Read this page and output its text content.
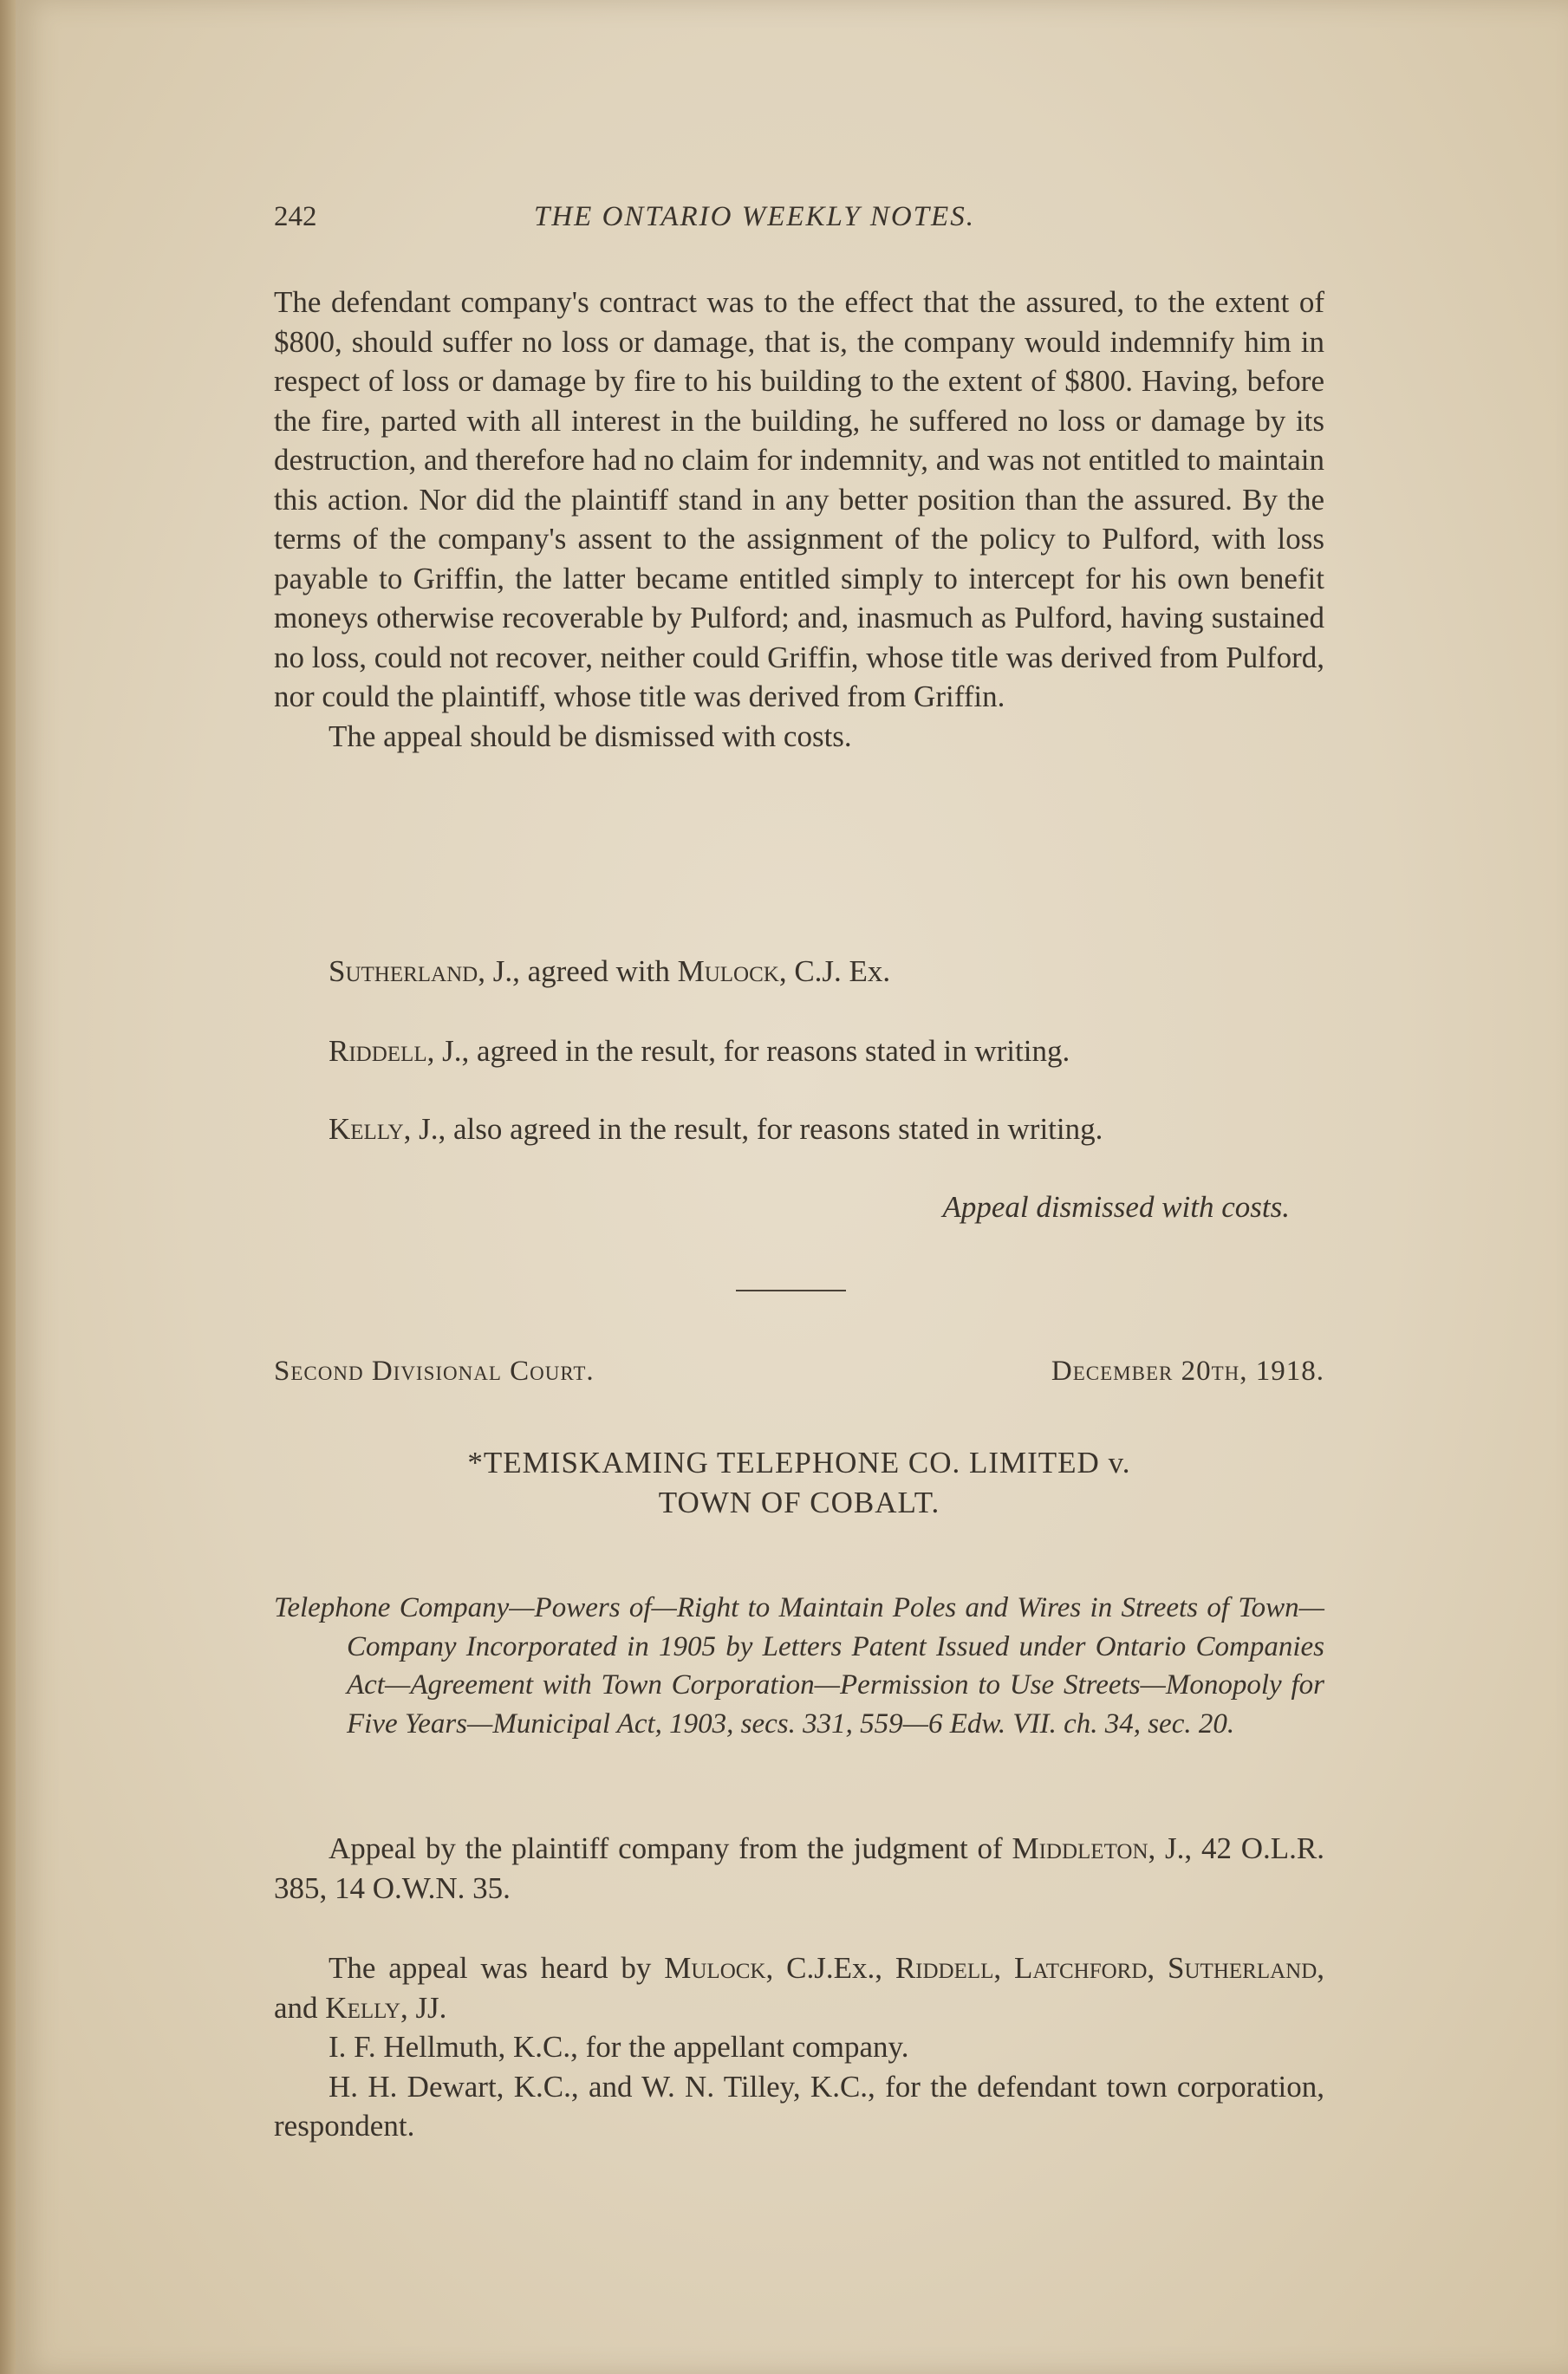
242	THE ONTARIO WEEKLY NOTES.

The defendant company's contract was to the effect that the assured, to the extent of $800, should suffer no loss or damage, that is, the company would indemnify him in respect of loss or damage by fire to his building to the extent of $800. Having, before the fire, parted with all interest in the building, he suffered no loss or damage by its destruction, and therefore had no claim for indemnity, and was not entitled to maintain this action. Nor did the plaintiff stand in any better position than the assured. By the terms of the company's assent to the assignment of the policy to Pulford, with loss payable to Griffin, the latter became entitled simply to intercept for his own benefit moneys otherwise recoverable by Pulford; and, inasmuch as Pulford, having sustained no loss, could not recover, neither could Griffin, whose title was derived from Pulford, nor could the plaintiff, whose title was derived from Griffin.

The appeal should be dismissed with costs.

Sutherland, J., agreed with Mulock, C.J. Ex.

Riddell, J., agreed in the result, for reasons stated in writing.

Kelly, J., also agreed in the result, for reasons stated in writing.

Appeal dismissed with costs.

Second Divisional Court.	December 20th, 1918.
*TEMISKAMING TELEPHONE CO. LIMITED v.
TOWN OF COBALT.

Telephone Company—Powers of—Right to Maintain Poles and Wires in Streets of Town—Company Incorporated in 1905 by Letters Patent Issued under Ontario Companies Act—Agreement with Town Corporation—Permission to Use Streets—Monopoly for Five Years—Municipal Act, 1903, secs. 331, 559—6 Edw. VII. ch. 34, sec. 20.

Appeal by the plaintiff company from the judgment of Middleton, J., 42 O.L.R. 385, 14 O.W.N. 35.

The appeal was heard by Mulock, C.J.Ex., Riddell, Latchford, Sutherland, and Kelly, JJ.

I. F. Hellmuth, K.C., for the appellant company.

H. H. Dewart, K.C., and W. N. Tilley, K.C., for the defendant town corporation, respondent.
